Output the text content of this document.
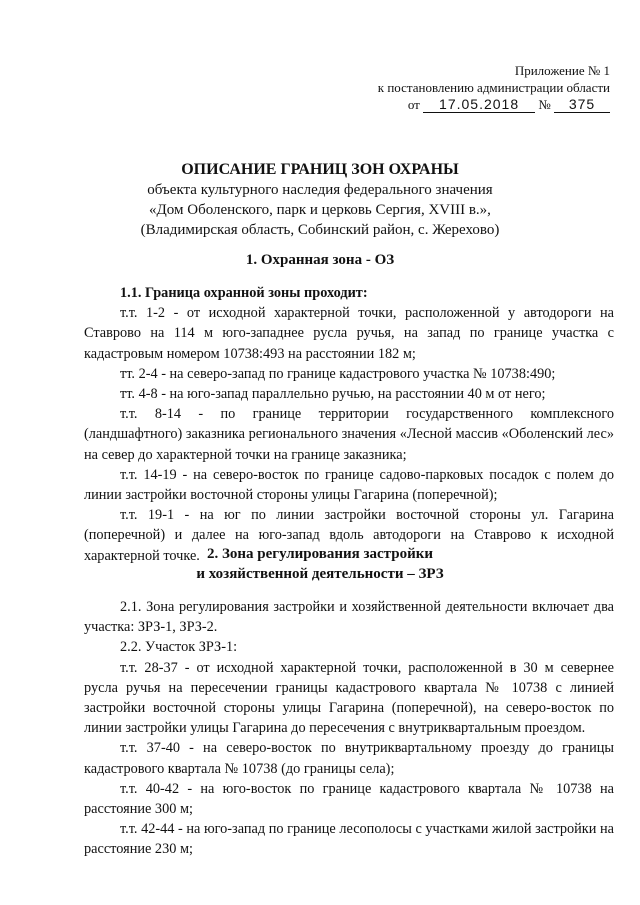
Приложение № 1
к постановлению администрации области
от 17.05.2018 № 375
ОПИСАНИЕ ГРАНИЦ ЗОН ОХРАНЫ
объекта культурного наследия федерального значения
«Дом Оболенского, парк и церковь Сергия, XVIII в.»,
(Владимирская область, Собинский район, с. Жерехово)
1. Охранная зона - ОЗ

1.1. Граница охранной зоны проходит:

т.т. 1-2 - от исходной характерной точки, расположенной у автодороги на Ставрово на 114 м юго-западнее русла ручья, на запад по границе участка с кадастровым номером 10738:493 на расстоянии 182 м;

тт. 2-4 - на северо-запад по границе кадастрового участка № 10738:490;

тт. 4-8 - на юго-запад параллельно ручью, на расстоянии 40 м от него;

т.т. 8-14 - по границе территории государственного комплексного (ландшафтного) заказника регионального значения «Лесной массив «Оболенский лес» на север до характерной точки на границе заказника;

т.т. 14-19 - на северо-восток по границе садово-парковых посадок с полем до линии застройки восточной стороны улицы Гагарина (поперечной);

т.т. 19-1 - на юг по линии застройки восточной стороны ул. Гагарина (поперечной) и далее на юго-запад вдоль автодороги на Ставрово к исходной характерной точке. 2. Зона регулирования застройки
и хозяйственной деятельности – ЗРЗ

2.1. Зона регулирования застройки и хозяйственной деятельности включает два участка: ЗРЗ-1, ЗРЗ-2.

2.2. Участок ЗРЗ-1:

т.т. 28-37 - от исходной характерной точки, расположенной в 30 м севернее русла ручья на пересечении границы кадастрового квартала № 10738 с линией застройки восточной стороны улицы Гагарина (поперечной), на северо-восток по линии застройки улицы Гагарина до пересечения с внутриквартальным проездом.

т.т. 37-40 - на северо-восток по внутриквартальному проезду до границы кадастрового квартала № 10738 (до границы села);

т.т. 40-42 - на юго-восток по границе кадастрового квартала № 10738 на расстояние 300 м;

т.т. 42-44 - на юго-запад по границе лесополосы с участками жилой застройки на расстояние 230 м;
